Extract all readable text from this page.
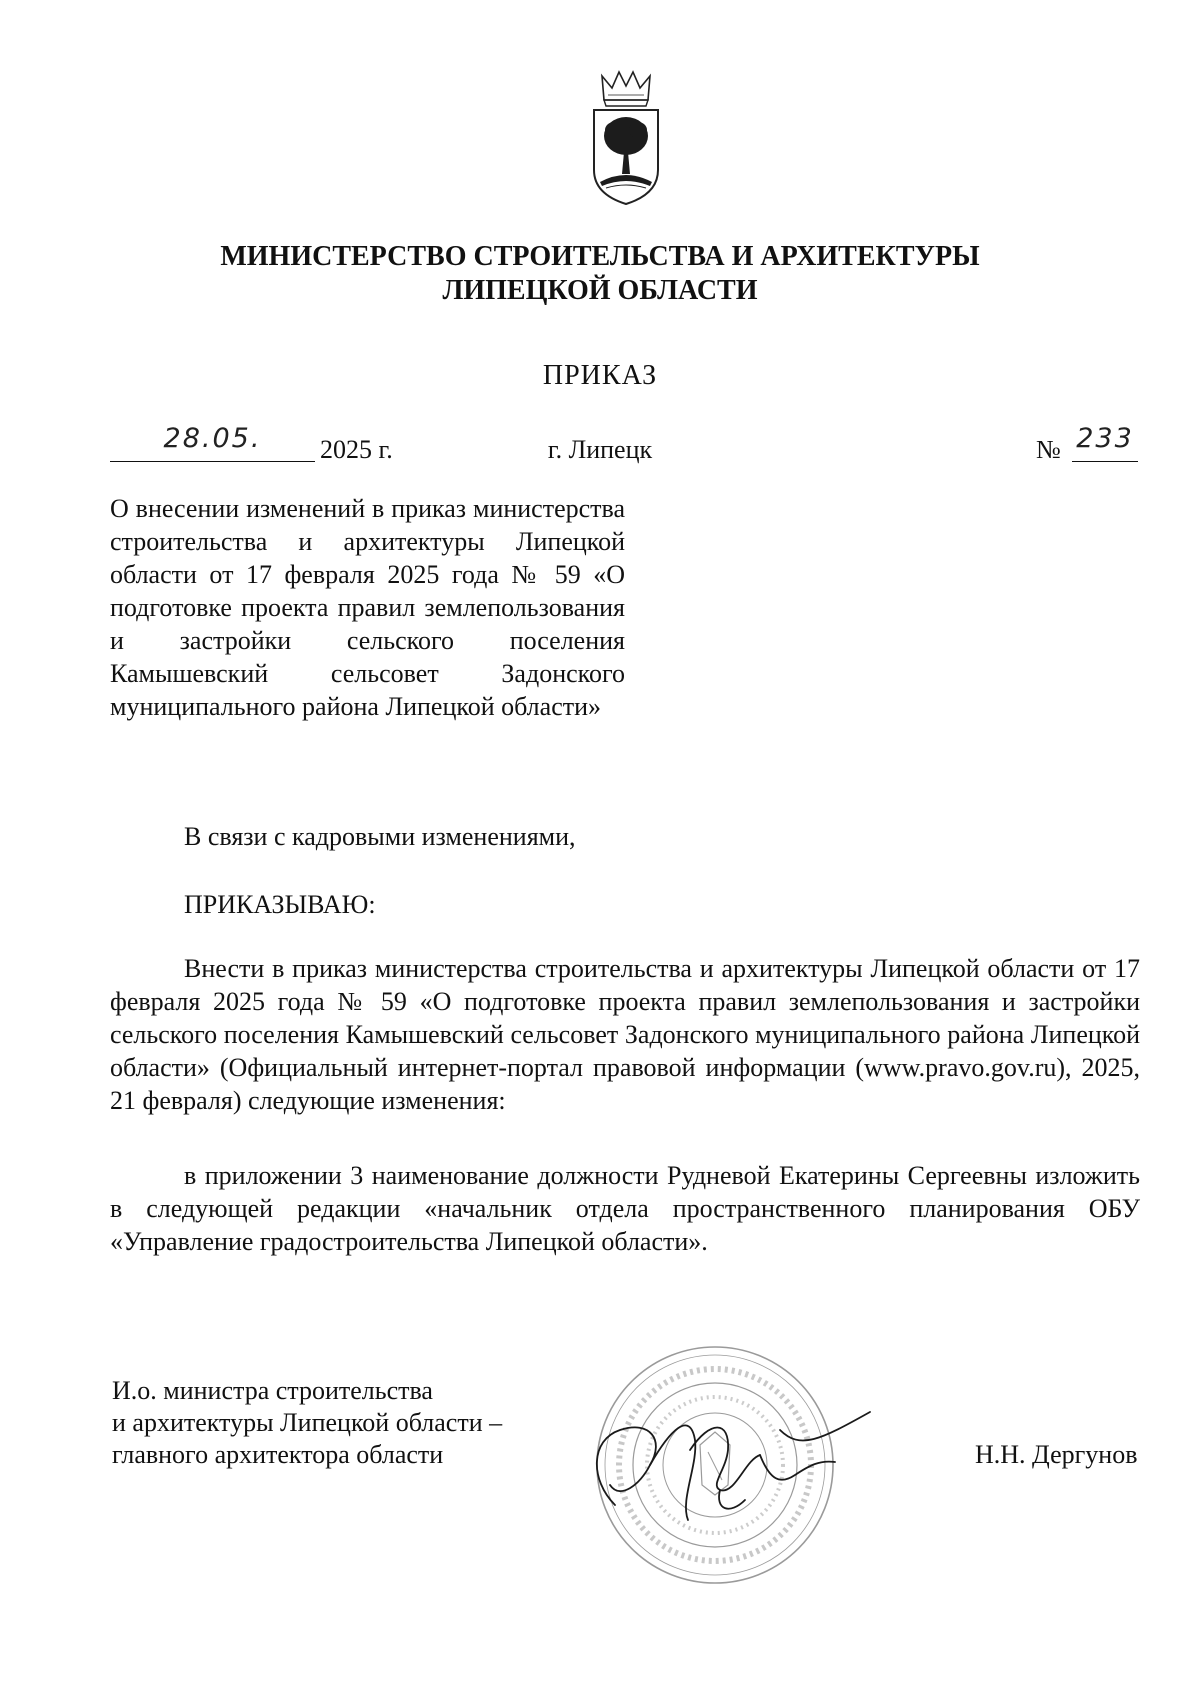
МИНИСТЕРСТВО СТРОИТЕЛЬСТВА И АРХИТЕКТУРЫ
ЛИПЕЦКОЙ ОБЛАСТИ
ПРИКАЗ
28.05.	2025 г.	г. Липецк	№ 233
О внесении изменений в приказ министерства строительства и архитектуры Липецкой области от 17 февраля 2025 года № 59 «О подготовке проекта правил землепользования и застройки сельского поселения Камышевский сельсовет Задонского муниципального района Липецкой области»
В связи с кадровыми изменениями,
ПРИКАЗЫВАЮ:
Внести в приказ министерства строительства и архитектуры Липецкой области от 17 февраля 2025 года № 59 «О подготовке проекта правил землепользования и застройки сельского поселения Камышевский сельсовет Задонского муниципального района Липецкой области» (Официальный интернет-портал правовой информации (www.pravo.gov.ru), 2025, 21 февраля) следующие изменения:
в приложении 3 наименование должности Рудневой Екатерины Сергеевны изложить в следующей редакции «начальник отдела пространственного планирования ОБУ «Управление градостроительства Липецкой области».
И.о. министра строительства
и архитектуры Липецкой области –
главного архитектора области	Н.Н. Дергунов
